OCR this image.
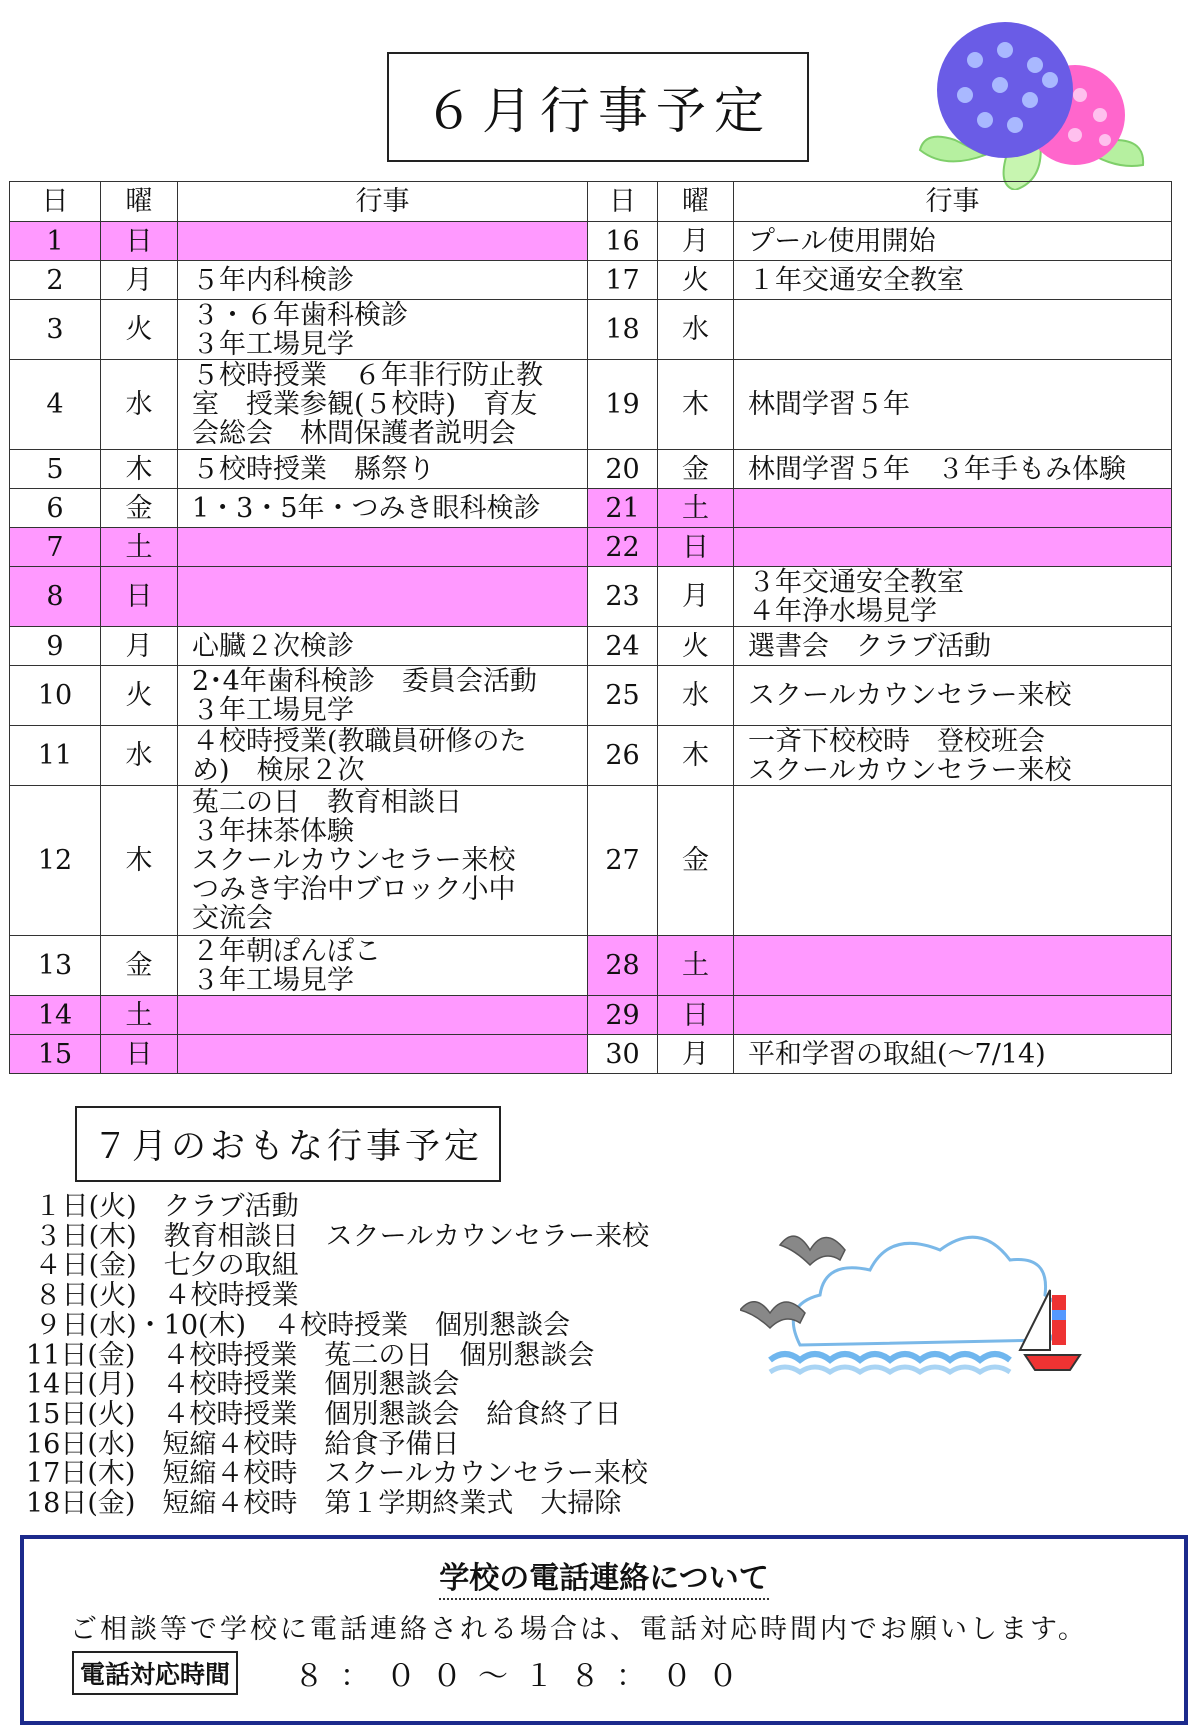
６月行事予定
日	曜	行事	日	曜	行事
1	日		16	月	プール使用開始

2	月	５年内科検診	17	火	１年交通安全教室

3	火	３・６年歯科検診
３年工場見学	18	水	
4	水	５校時授業　６年非行防止教
室　授業参観(５校時)　育友
会総会　林間保護者説明会	19	木	林間学習５年

5	木	５校時授業　縣祭り	20	金	林間学習５年　３年手もみ体験

6	金	1・3・5年・つみき眼科検診	21	土	
7	土		22	日	
8	日		23	月	３年交通安全教室
４年浄水場見学

9	月	心臓２次検診	24	火	選書会　クラブ活動

10	火	2･4年歯科検診　委員会活動
３年工場見学	25	水	スクールカウンセラー来校

11	水	４校時授業(教職員研修のた
め)　検尿２次	26	木	一斉下校校時　登校班会
スクールカウンセラー来校

12	木	菟二の日　教育相談日
３年抹茶体験
スクールカウンセラー来校
つみき宇治中ブロック小中
交流会	27	金	
13	金	２年朝ぽんぽこ
３年工場見学	28	土	
14	土		29	日	
15	日		30	月	平和学習の取組(～7/14)
７月のおもな行事予定
１日(火)　クラブ活動
３日(木)　教育相談日　スクールカウンセラー来校
４日(金)　七夕の取組
８日(火)　４校時授業
９日(水)・10(木)　４校時授業　個別懇談会
11日(金)　４校時授業　菟二の日　個別懇談会
14日(月)　４校時授業　個別懇談会
15日(火)　４校時授業　個別懇談会　給食終了日
16日(水)　短縮４校時　給食予備日
17日(木)　短縮４校時　スクールカウンセラー来校
18日(金)　短縮４校時　第１学期終業式　大掃除
学校の電話連絡について
ご相談等で学校に電話連絡される場合は、電話対応時間内でお願いします。
電話対応時間 ８：００～１８：００
